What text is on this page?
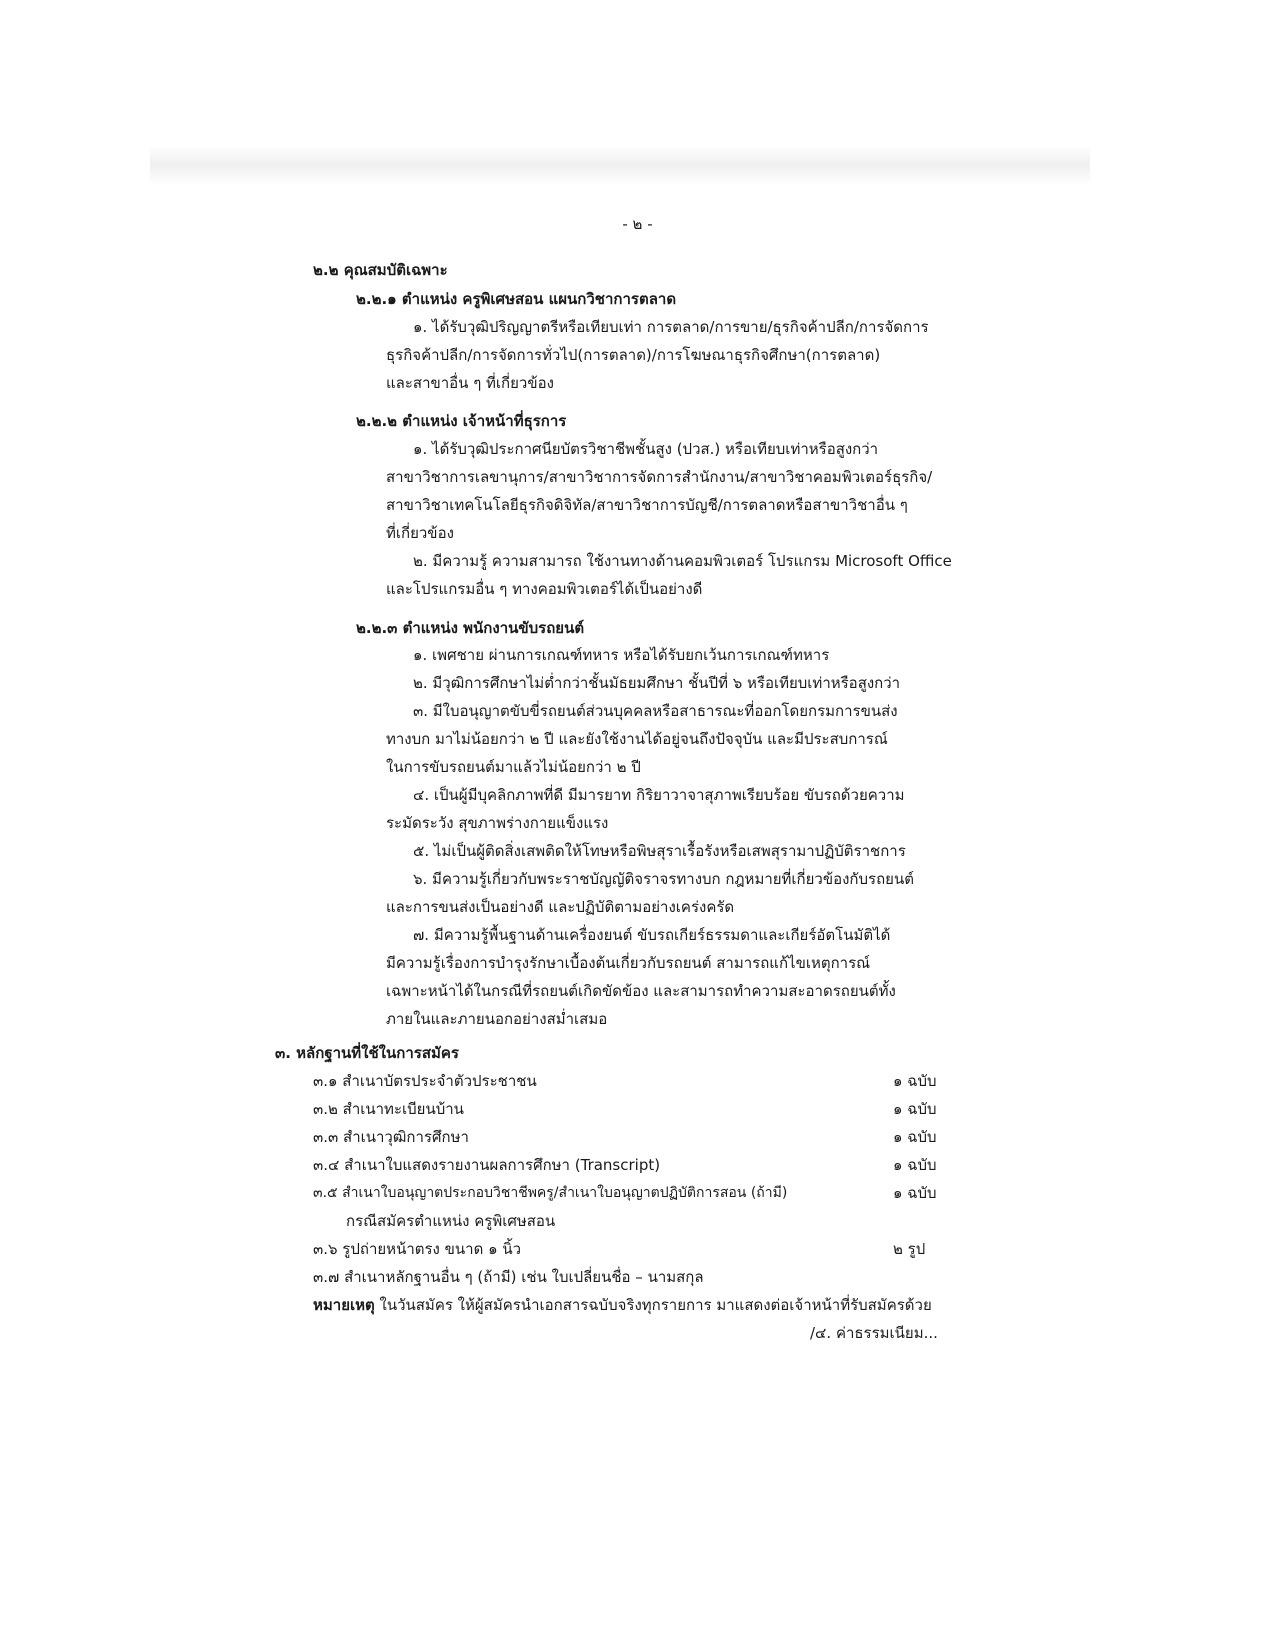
- ๒ -
๒.๒ คุณสมบัติเฉพาะ
๒.๒.๑ ตำแหน่ง ครูพิเศษสอน แผนกวิชาการตลาด
๑. ได้รับวุฒิปริญญาตรีหรือเทียบเท่า การตลาด/การขาย/ธุรกิจค้าปลีก/การจัดการ
ธุรกิจค้าปลีก/การจัดการทั่วไป(การตลาด)/การโฆษณาธุรกิจศึกษา(การตลาด)
และสาขาอื่น ๆ ที่เกี่ยวข้อง
๒.๒.๒ ตำแหน่ง เจ้าหน้าที่ธุรการ
๑. ได้รับวุฒิประกาศนียบัตรวิชาชีพชั้นสูง (ปวส.) หรือเทียบเท่าหรือสูงกว่า
สาขาวิชาการเลขานุการ/สาขาวิชาการจัดการสำนักงาน/สาขาวิชาคอมพิวเตอร์ธุรกิจ/
สาขาวิชาเทคโนโลยีธุรกิจดิจิทัล/สาขาวิชาการบัญชี/การตลาดหรือสาขาวิชาอื่น ๆ
ที่เกี่ยวข้อง
๒. มีความรู้ ความสามารถ ใช้งานทางด้านคอมพิวเตอร์ โปรแกรม Microsoft Office
และโปรแกรมอื่น ๆ ทางคอมพิวเตอร์ได้เป็นอย่างดี
๒.๒.๓ ตำแหน่ง พนักงานขับรถยนต์
๑. เพศชาย ผ่านการเกณฑ์ทหาร หรือได้รับยกเว้นการเกณฑ์ทหาร
๒. มีวุฒิการศึกษาไม่ต่ำกว่าชั้นมัธยมศึกษา ชั้นปีที่ ๖ หรือเทียบเท่าหรือสูงกว่า
๓. มีใบอนุญาตขับขี่รถยนต์ส่วนบุคคลหรือสาธารณะที่ออกโดยกรมการขนส่ง
ทางบก มาไม่น้อยกว่า ๒ ปี และยังใช้งานได้อยู่จนถึงปัจจุบัน และมีประสบการณ์
ในการขับรถยนต์มาแล้วไม่น้อยกว่า ๒ ปี
๔. เป็นผู้มีบุคลิกภาพที่ดี มีมารยาท กิริยาวาจาสุภาพเรียบร้อย ขับรถด้วยความ
ระมัดระวัง สุขภาพร่างกายแข็งแรง
๕. ไม่เป็นผู้ติดสิ่งเสพติดให้โทษหรือพิษสุราเรื้อรังหรือเสพสุรามาปฏิบัติราชการ
๖. มีความรู้เกี่ยวกับพระราชบัญญัติจราจรทางบก กฎหมายที่เกี่ยวข้องกับรถยนต์
และการขนส่งเป็นอย่างดี และปฏิบัติตามอย่างเคร่งครัด
๗. มีความรู้พื้นฐานด้านเครื่องยนต์ ขับรถเกียร์ธรรมดาและเกียร์อัตโนมัติได้
มีความรู้เรื่องการบำรุงรักษาเบื้องต้นเกี่ยวกับรถยนต์ สามารถแก้ไขเหตุการณ์
เฉพาะหน้าได้ในกรณีที่รถยนต์เกิดขัดข้อง และสามารถทำความสะอาดรถยนต์ทั้ง
ภายในและภายนอกอย่างสม่ำเสมอ
๓. หลักฐานที่ใช้ในการสมัคร
๓.๑ สำเนาบัตรประจำตัวประชาชน	๑ ฉบับ
๓.๒ สำเนาทะเบียนบ้าน	๑ ฉบับ
๓.๓ สำเนาวุฒิการศึกษา	๑ ฉบับ
๓.๔ สำเนาใบแสดงรายงานผลการศึกษา (Transcript)	๑ ฉบับ
๓.๕ สำเนาใบอนุญาตประกอบวิชาชีพครู/สำเนาใบอนุญาตปฏิบัติการสอน (ถ้ามี)	๑ ฉบับ
กรณีสมัครตำแหน่ง ครูพิเศษสอน
๓.๖ รูปถ่ายหน้าตรง ขนาด ๑ นิ้ว	๒ รูป
๓.๗ สำเนาหลักฐานอื่น ๆ (ถ้ามี) เช่น ใบเปลี่ยนชื่อ – นามสกุล
หมายเหตุ ในวันสมัคร ให้ผู้สมัครนำเอกสารฉบับจริงทุกรายการ มาแสดงต่อเจ้าหน้าที่รับสมัครด้วย
/๔. ค่าธรรมเนียม...
